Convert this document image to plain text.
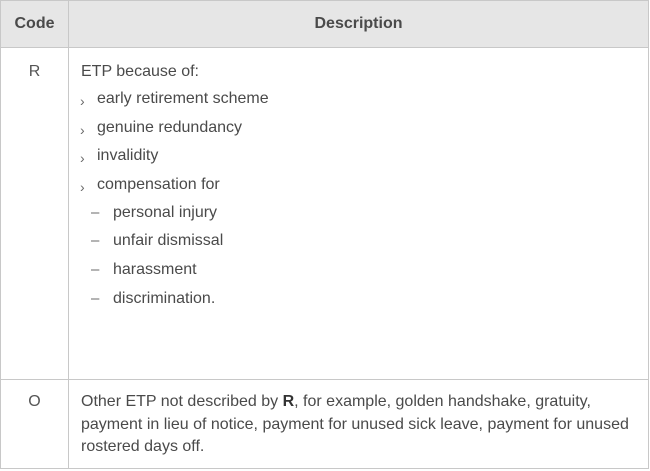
Code	Description
R	ETP because of:
› early retirement scheme
› genuine redundancy
› invalidity
› compensation for
– personal injury
– unfair dismissal
– harassment
– discrimination.
O	Other ETP not described by R, for example, golden handshake, gratuity, payment in lieu of notice, payment for unused sick leave, payment for unused rostered days off.
